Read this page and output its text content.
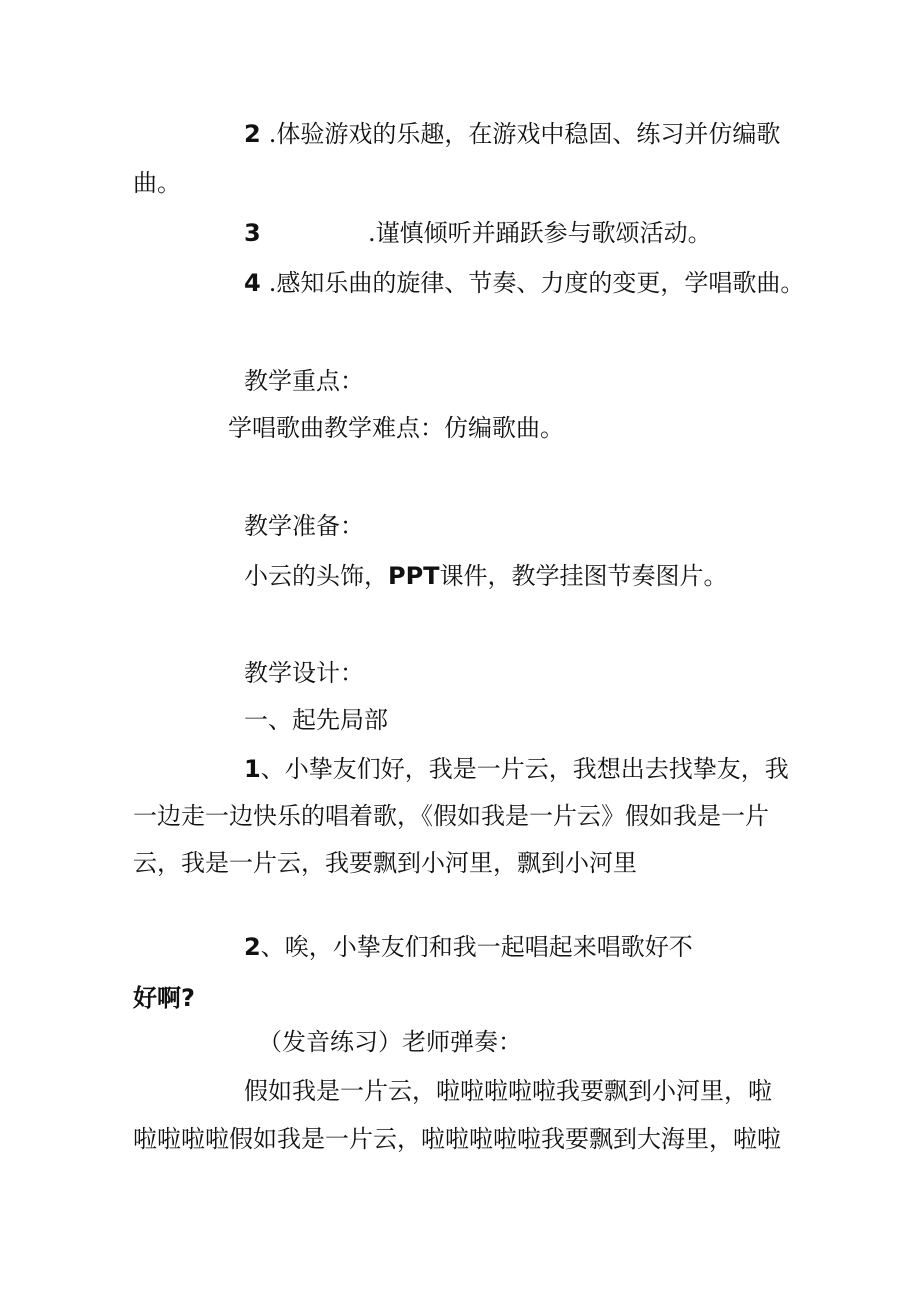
2 .体验游戏的乐趣，在游戏中稳固、练习并仿编歌
曲。
3	.谨慎倾听并踊跃参与歌颂活动。
4 .感知乐曲的旋律、节奏、力度的变更，学唱歌曲。
教学重点：
学唱歌曲教学难点：仿编歌曲。
教学准备：
小云的头饰，PPT课件，教学挂图节奏图片。
教学设计：
一、起先局部
1、小挚友们好，我是一片云，我想出去找挚友，我
一边走一边快乐的唱着歌，《假如我是一片云》假如我是一片
云，我是一片云，我要飘到小河里，飘到小河里
2、唉，小挚友们和我一起唱起来唱歌好不
好啊?
（发音练习）老师弹奏：
假如我是一片云，啦啦啦啦啦我要飘到小河里，啦
啦啦啦啦假如我是一片云，啦啦啦啦啦我要飘到大海里，啦啦
